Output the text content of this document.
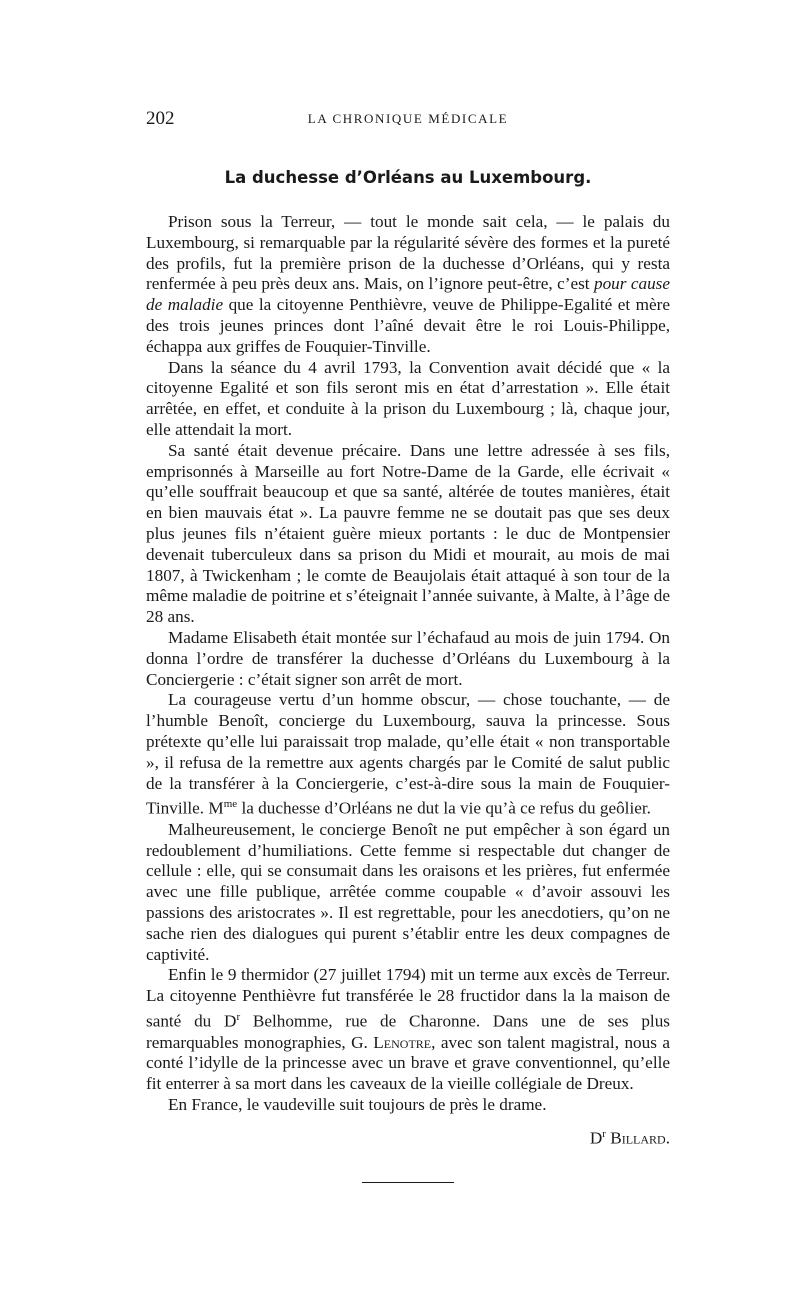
202	LA CHRONIQUE MÉDICALE
La duchesse d’Orléans au Luxembourg.

Prison sous la Terreur, — tout le monde sait cela, — le palais du Luxembourg, si remarquable par la régularité sévère des formes et la pureté des profils, fut la première prison de la duchesse d’Orléans, qui y resta renfermée à peu près deux ans. Mais, on l’ignore peut-être, c’est pour cause de maladie que la citoyenne Penthièvre, veuve de Philippe-Egalité et mère des trois jeunes princes dont l’aîné devait être le roi Louis-Philippe, échappa aux griffes de Fouquier-Tinville.

Dans la séance du 4 avril 1793, la Convention avait décidé que « la citoyenne Egalité et son fils seront mis en état d’arrestation ». Elle était arrêtée, en effet, et conduite à la prison du Luxembourg ; là, chaque jour, elle attendait la mort.

Sa santé était devenue précaire. Dans une lettre adressée à ses fils, emprisonnés à Marseille au fort Notre-Dame de la Garde, elle écrivait « qu’elle souffrait beaucoup et que sa santé, altérée de toutes manières, était en bien mauvais état ». La pauvre femme ne se doutait pas que ses deux plus jeunes fils n’étaient guère mieux portants : le duc de Montpensier devenait tuberculeux dans sa prison du Midi et mourait, au mois de mai 1807, à Twickenham ; le comte de Beaujolais était attaqué à son tour de la même maladie de poitrine et s’éteignait l’année suivante, à Malte, à l’âge de 28 ans.

Madame Elisabeth était montée sur l’échafaud au mois de juin 1794. On donna l’ordre de transférer la duchesse d’Orléans du Luxembourg à la Conciergerie : c’était signer son arrêt de mort.

La courageuse vertu d’un homme obscur, — chose touchante, — de l’humble Benoît, concierge du Luxembourg, sauva la princesse. Sous prétexte qu’elle lui paraissait trop malade, qu’elle était « non transportable », il refusa de la remettre aux agents chargés par le Comité de salut public de la transférer à la Conciergerie, c’est-à-dire sous la main de Fouquier-Tinville. $M^{me}$ la duchesse d’Orléans ne dut la vie qu’à ce refus du geôlier.

Malheureusement, le concierge Benoît ne put empêcher à son égard un redoublement d’humiliations. Cette femme si respectable dut changer de cellule : elle, qui se consumait dans les oraisons et les prières, fut enfermée avec une fille publique, arrêtée comme coupable « d’avoir assouvi les passions des aristocrates ». Il est regrettable, pour les anecdotiers, qu’on ne sache rien des dialogues qui purent s’établir entre les deux compagnes de captivité.

Enfin le 9 thermidor (27 juillet 1794) mit un terme aux excès de Terreur. La citoyenne Penthièvre fut transférée le 28 fructidor dans la la maison de santé du $D^r$ Belhomme, rue de Charonne. Dans une de ses plus remarquables monographies, G. Lenotre, avec son talent magistral, nous a conté l’idylle de la princesse avec un brave et grave conventionnel, qu’elle fit enterrer à sa mort dans les caveaux de la vieille collégiale de Dreux.

En France, le vaudeville suit toujours de près le drame.

$D^r$ Billard.
